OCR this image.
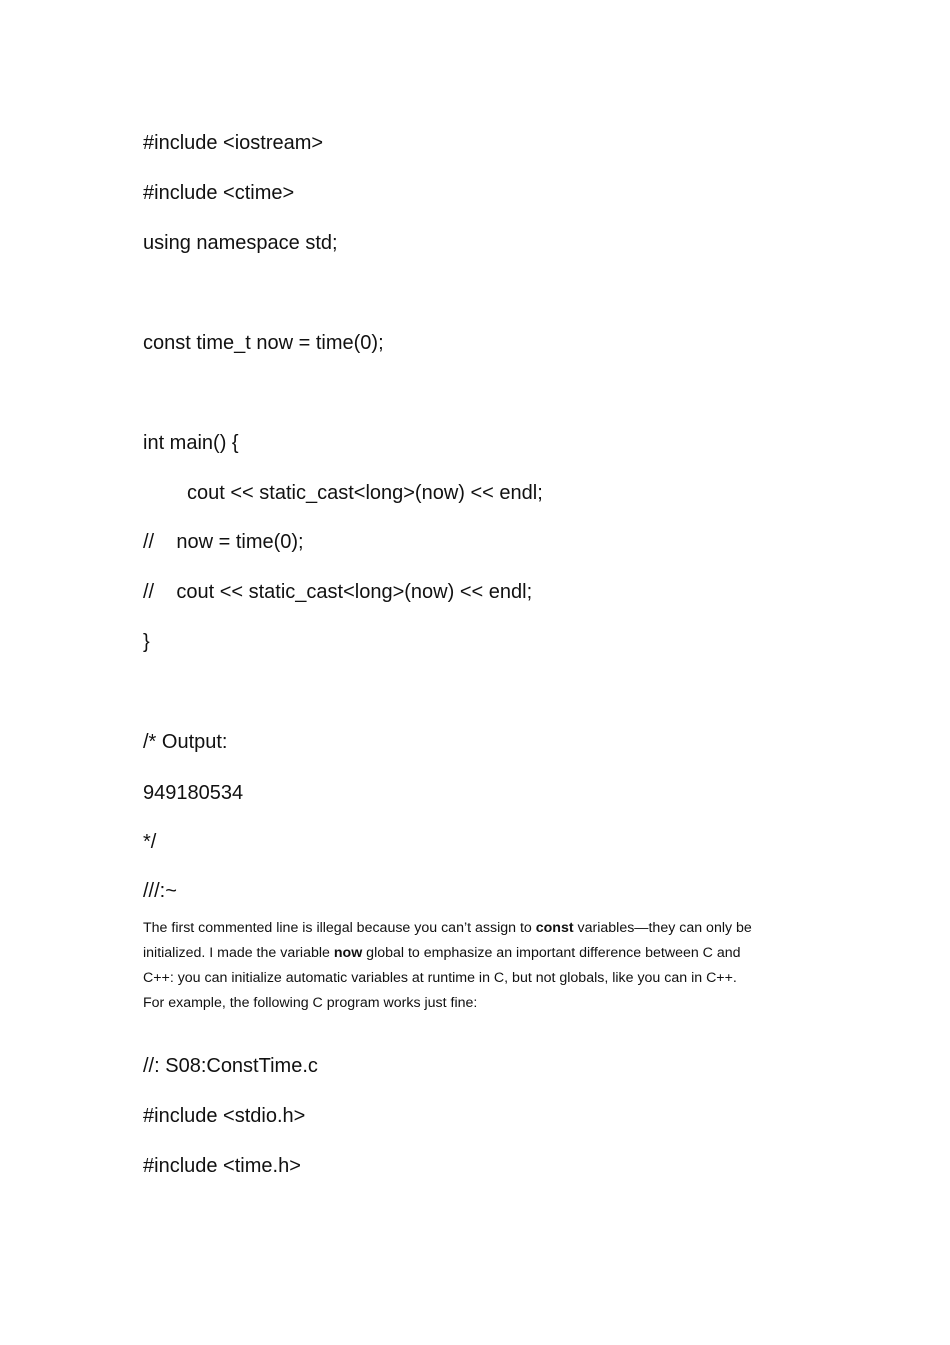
#include <iostream>
#include <ctime>
using namespace std;
const time_t now = time(0);
int main() {
cout << static_cast<long>(now) << endl;
//    now = time(0);
//    cout << static_cast<long>(now) << endl;
}
/* Output:
949180534
*/
///:~
The first commented line is illegal because you can’t assign to const variables—they can only be
initialized. I made the variable now global to emphasize an important difference between C and
C++: you can initialize automatic variables at runtime in C, but not globals, like you can in C++.
For example, the following C program works just fine:
//: S08:ConstTime.c
#include <stdio.h>
#include <time.h>
